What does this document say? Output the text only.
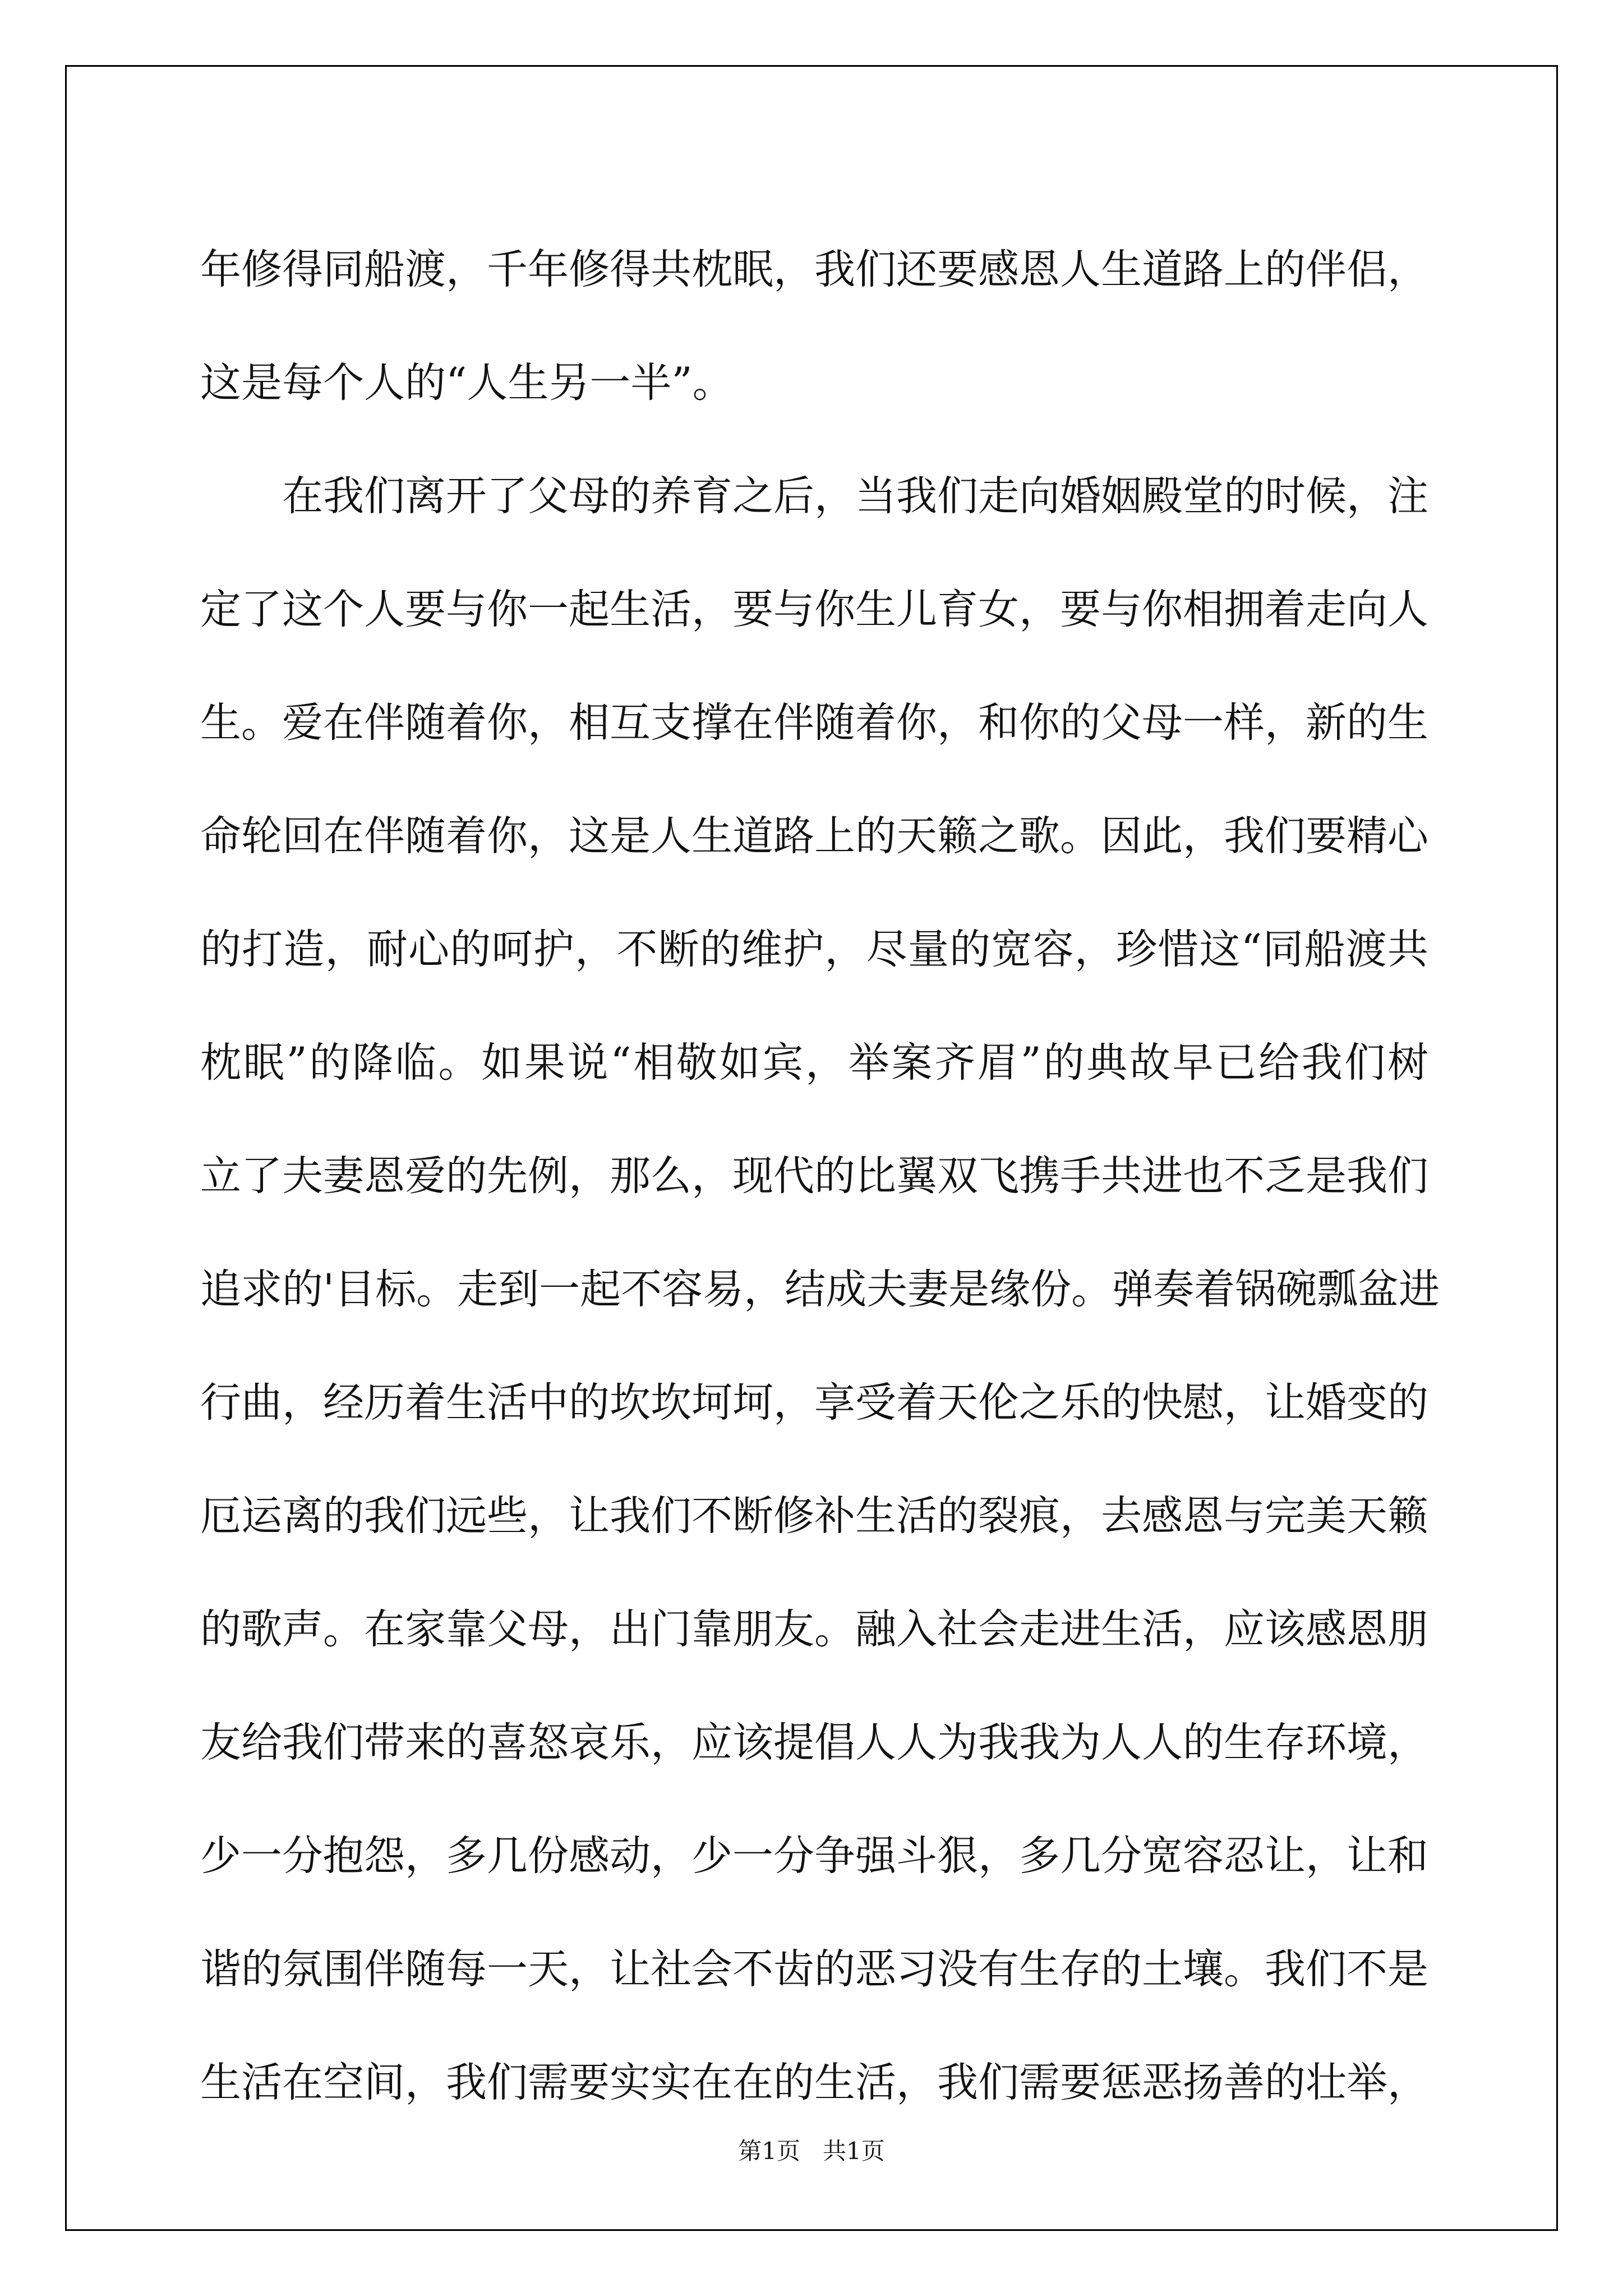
年修得同船渡，千年修得共枕眠，我们还要感恩人生道路上的伴侣，
这是每个人的“人生另一半”。
在我们离开了父母的养育之后，当我们走向婚姻殿堂的时候，注
定了这个人要与你一起生活，要与你生儿育女，要与你相拥着走向人
生。爱在伴随着你，相互支撑在伴随着你，和你的父母一样，新的生
命轮回在伴随着你，这是人生道路上的天籁之歌。因此，我们要精心
的打造，耐心的呵护，不断的维护，尽量的宽容，珍惜这“同船渡共
枕眠”的降临。如果说“相敬如宾，举案齐眉”的典故早已给我们树
立了夫妻恩爱的先例，那么，现代的比翼双飞携手共进也不乏是我们
追求的'目标。走到一起不容易，结成夫妻是缘份。弹奏着锅碗瓢盆进
行曲，经历着生活中的坎坎坷坷，享受着天伦之乐的快慰，让婚变的
厄运离的我们远些，让我们不断修补生活的裂痕，去感恩与完美天籁
的歌声。在家靠父母，出门靠朋友。融入社会走进生活，应该感恩朋
友给我们带来的喜怒哀乐，应该提倡人人为我我为人人的生存环境，
少一分抱怨，多几份感动，少一分争强斗狠，多几分宽容忍让，让和
谐的氛围伴随每一天，让社会不齿的恶习没有生存的土壤。我们不是
生活在空间，我们需要实实在在的生活，我们需要惩恶扬善的壮举，
第1页   共1页
